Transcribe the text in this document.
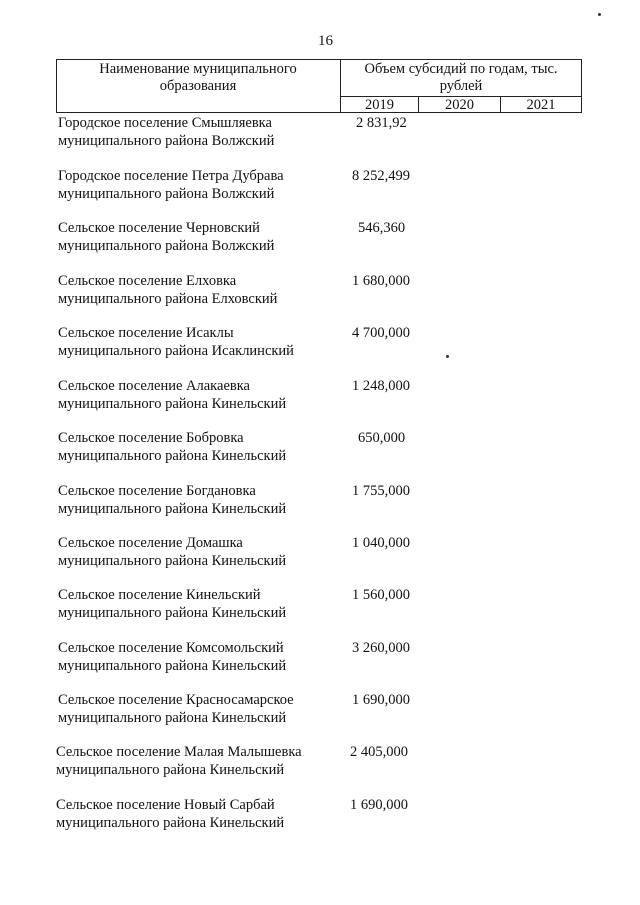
16
Наименование муниципального образования
Объем субсидий по годам, тыс. рублей
2019	2020	2021
Городское поселение Смышляевка
муниципального района Волжский
2 831,92
Городское поселение Петра Дубрава
муниципального района Волжский
8 252,499
Сельское поселение Черновский
муниципального района Волжский
546,360
Сельское поселение Елховка
муниципального района Елховский
1 680,000
Сельское поселение Исаклы
муниципального района Исаклинский
4 700,000
Сельское поселение Алакаевка
муниципального района Кинельский
1 248,000
Сельское поселение Бобровка
муниципального района Кинельский
650,000
Сельское поселение Богдановка
муниципального района Кинельский
1 755,000
Сельское поселение Домашка
муниципального района Кинельский
1 040,000
Сельское поселение Кинельский
муниципального района Кинельский
1 560,000
Сельское поселение Комсомольский
муниципального района Кинельский
3 260,000
Сельское поселение Красносамарское
муниципального района Кинельский
1 690,000
Сельское поселение Малая Малышевка
муниципального района Кинельский
2 405,000
Сельское поселение Новый Сарбай
муниципального района Кинельский
1 690,000
